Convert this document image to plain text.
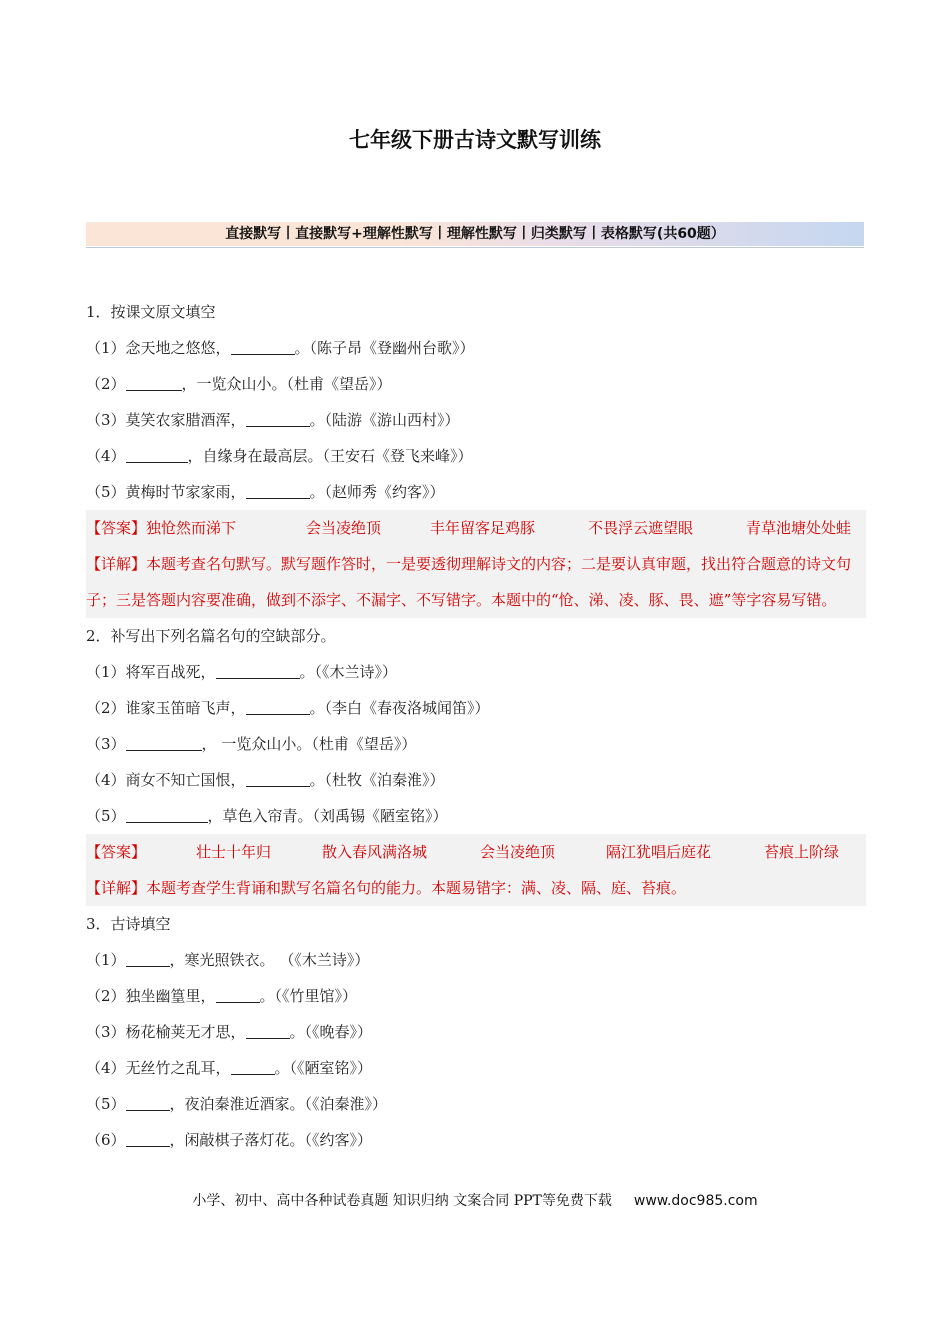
七年级下册古诗文默写训练
直接默写丨直接默写+理解性默写丨理解性默写丨归类默写丨表格默写(共60题）
1．按课文原文填空
（1）念天地之悠悠，	。（陈子昂《登幽州台歌》）
（2）	，一览众山小。（杜甫《望岳》）
（3）莫笑农家腊酒浑，	。（陆游《游山西村》）
（4）	，自缘身在最高层。（王安石《登飞来峰》）
（5）黄梅时节家家雨，	。（赵师秀《约客》）
【答案】独怆然而涕下	会当凌绝顶	丰年留客足鸡豚	不畏浮云遮望眼	青草池塘处处蛙
【详解】本题考查名句默写。默写题作答时，一是要透彻理解诗文的内容；二是要认真审题，找出符合题意的诗文句子；三是答题内容要准确，做到不添字、不漏字、不写错字。本题中的“怆、涕、凌、豚、畏、遮”等字容易写错。
2．补写出下列名篇名句的空缺部分。
（1）将军百战死，	。（《木兰诗》）
（2）谁家玉笛暗飞声，	。（李白《春夜洛城闻笛》）
（3）	， 一览众山小。（杜甫《望岳》）
（4）商女不知亡国恨，	。（杜牧《泊秦淮》）
（5）	，草色入帘青。（刘禹锡《陋室铭》）
【答案】	壮士十年归	散入春风满洛城	会当凌绝顶	隔江犹唱后庭花	苔痕上阶绿
【详解】本题考查学生背诵和默写名篇名句的能力。本题易错字：满、凌、隔、庭、苔痕。
3．古诗填空
（1）	，寒光照铁衣。 （《木兰诗》）
（2）独坐幽篁里，	。（《竹里馆》）
（3）杨花榆荚无才思，	。（《晚春》）
（4）无丝竹之乱耳，	。（《陋室铭》）
（5）	，夜泊秦淮近酒家。（《泊秦淮》）
（6）	，闲敲棋子落灯花。（《约客》）
小学、初中、高中各种试卷真题 知识归纳 文案合同 PPT等免费下载 www.doc985.com
